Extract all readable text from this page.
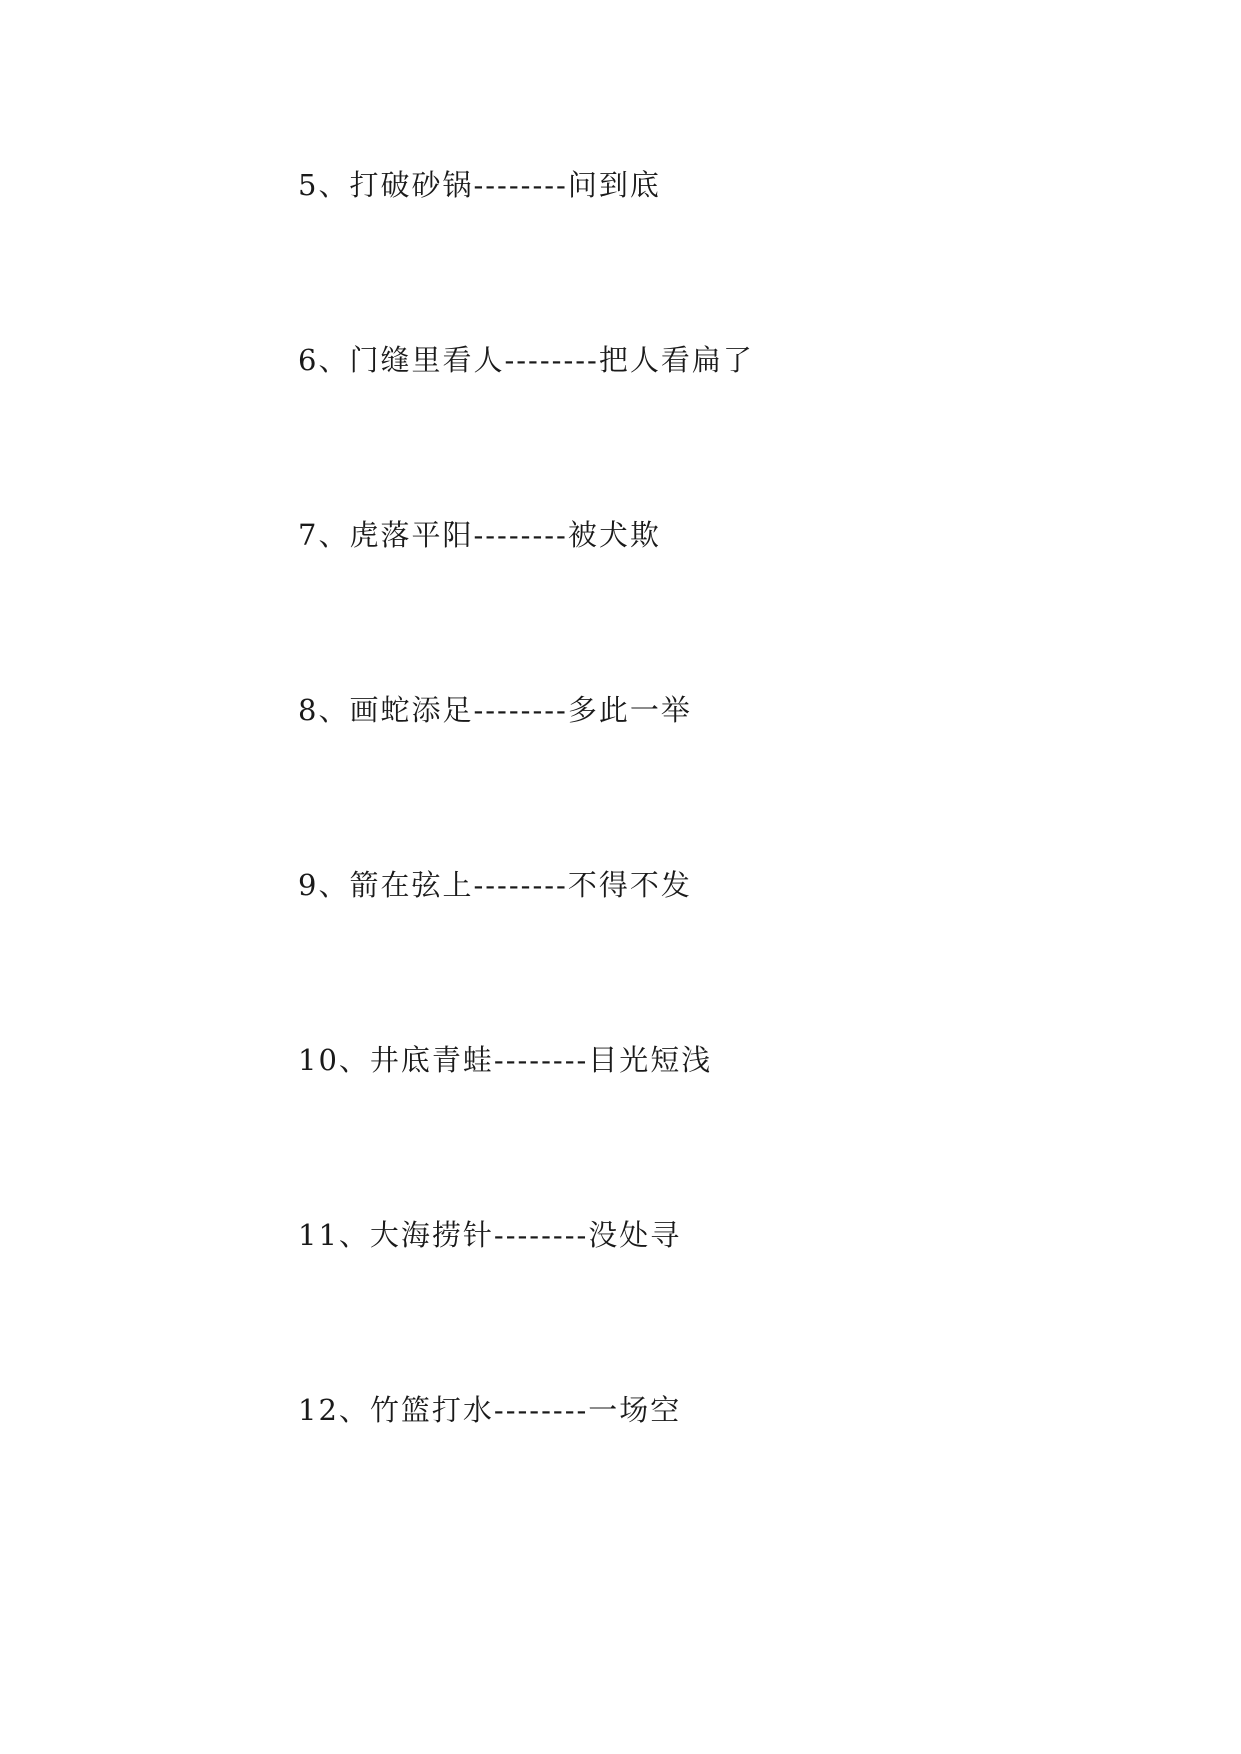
5、打破砂锅--------问到底
6、门缝里看人--------把人看扁了
7、虎落平阳--------被犬欺
8、画蛇添足--------多此一举
9、箭在弦上--------不得不发
10、井底青蛙--------目光短浅
11、大海捞针--------没处寻
12、竹篮打水--------一场空
